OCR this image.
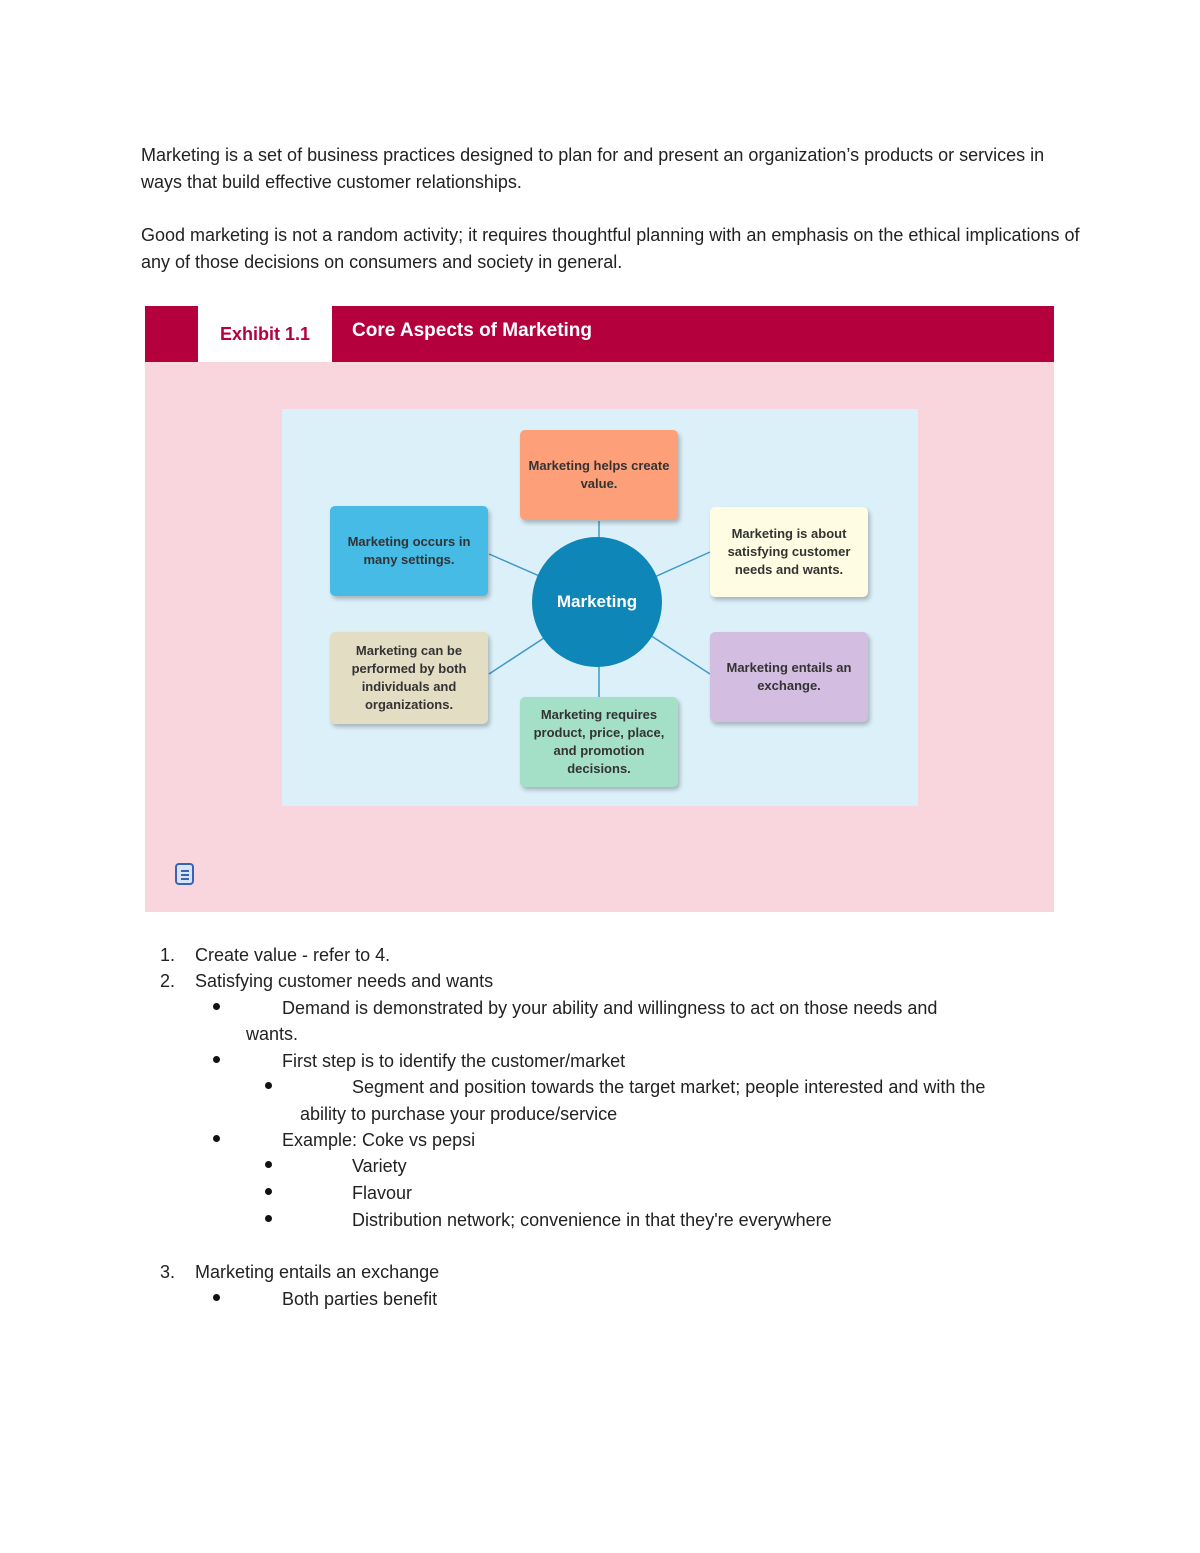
Marketing is a set of business practices designed to plan for and present an organization’s products or services in ways that build effective customer relationships.

Good marketing is not a random activity; it requires thoughtful planning with an emphasis on the ethical implications of any of those decisions on consumers and society in general.

Exhibit 1.1	Core Aspects of Marketing
Marketing
Marketing helps create value.
Marketing is about satisfying customer needs and wants.
Marketing entails an exchange.
Marketing requires product, price, place, and promotion decisions.
Marketing can be performed by both individuals and organizations.
Marketing occurs in many settings.
1. Create value - refer to 4.
2. Satisfying customer needs and wants
Demand is demonstrated by your ability and willingness to act on those needs and
wants.
First step is to identify the customer/market
Segment and position towards the target market; people interested and with the
ability to purchase your produce/service
Example: Coke vs pepsi
Variety
Flavour
Distribution network; convenience in that they're everywhere
3. Marketing entails an exchange
Both parties benefit
